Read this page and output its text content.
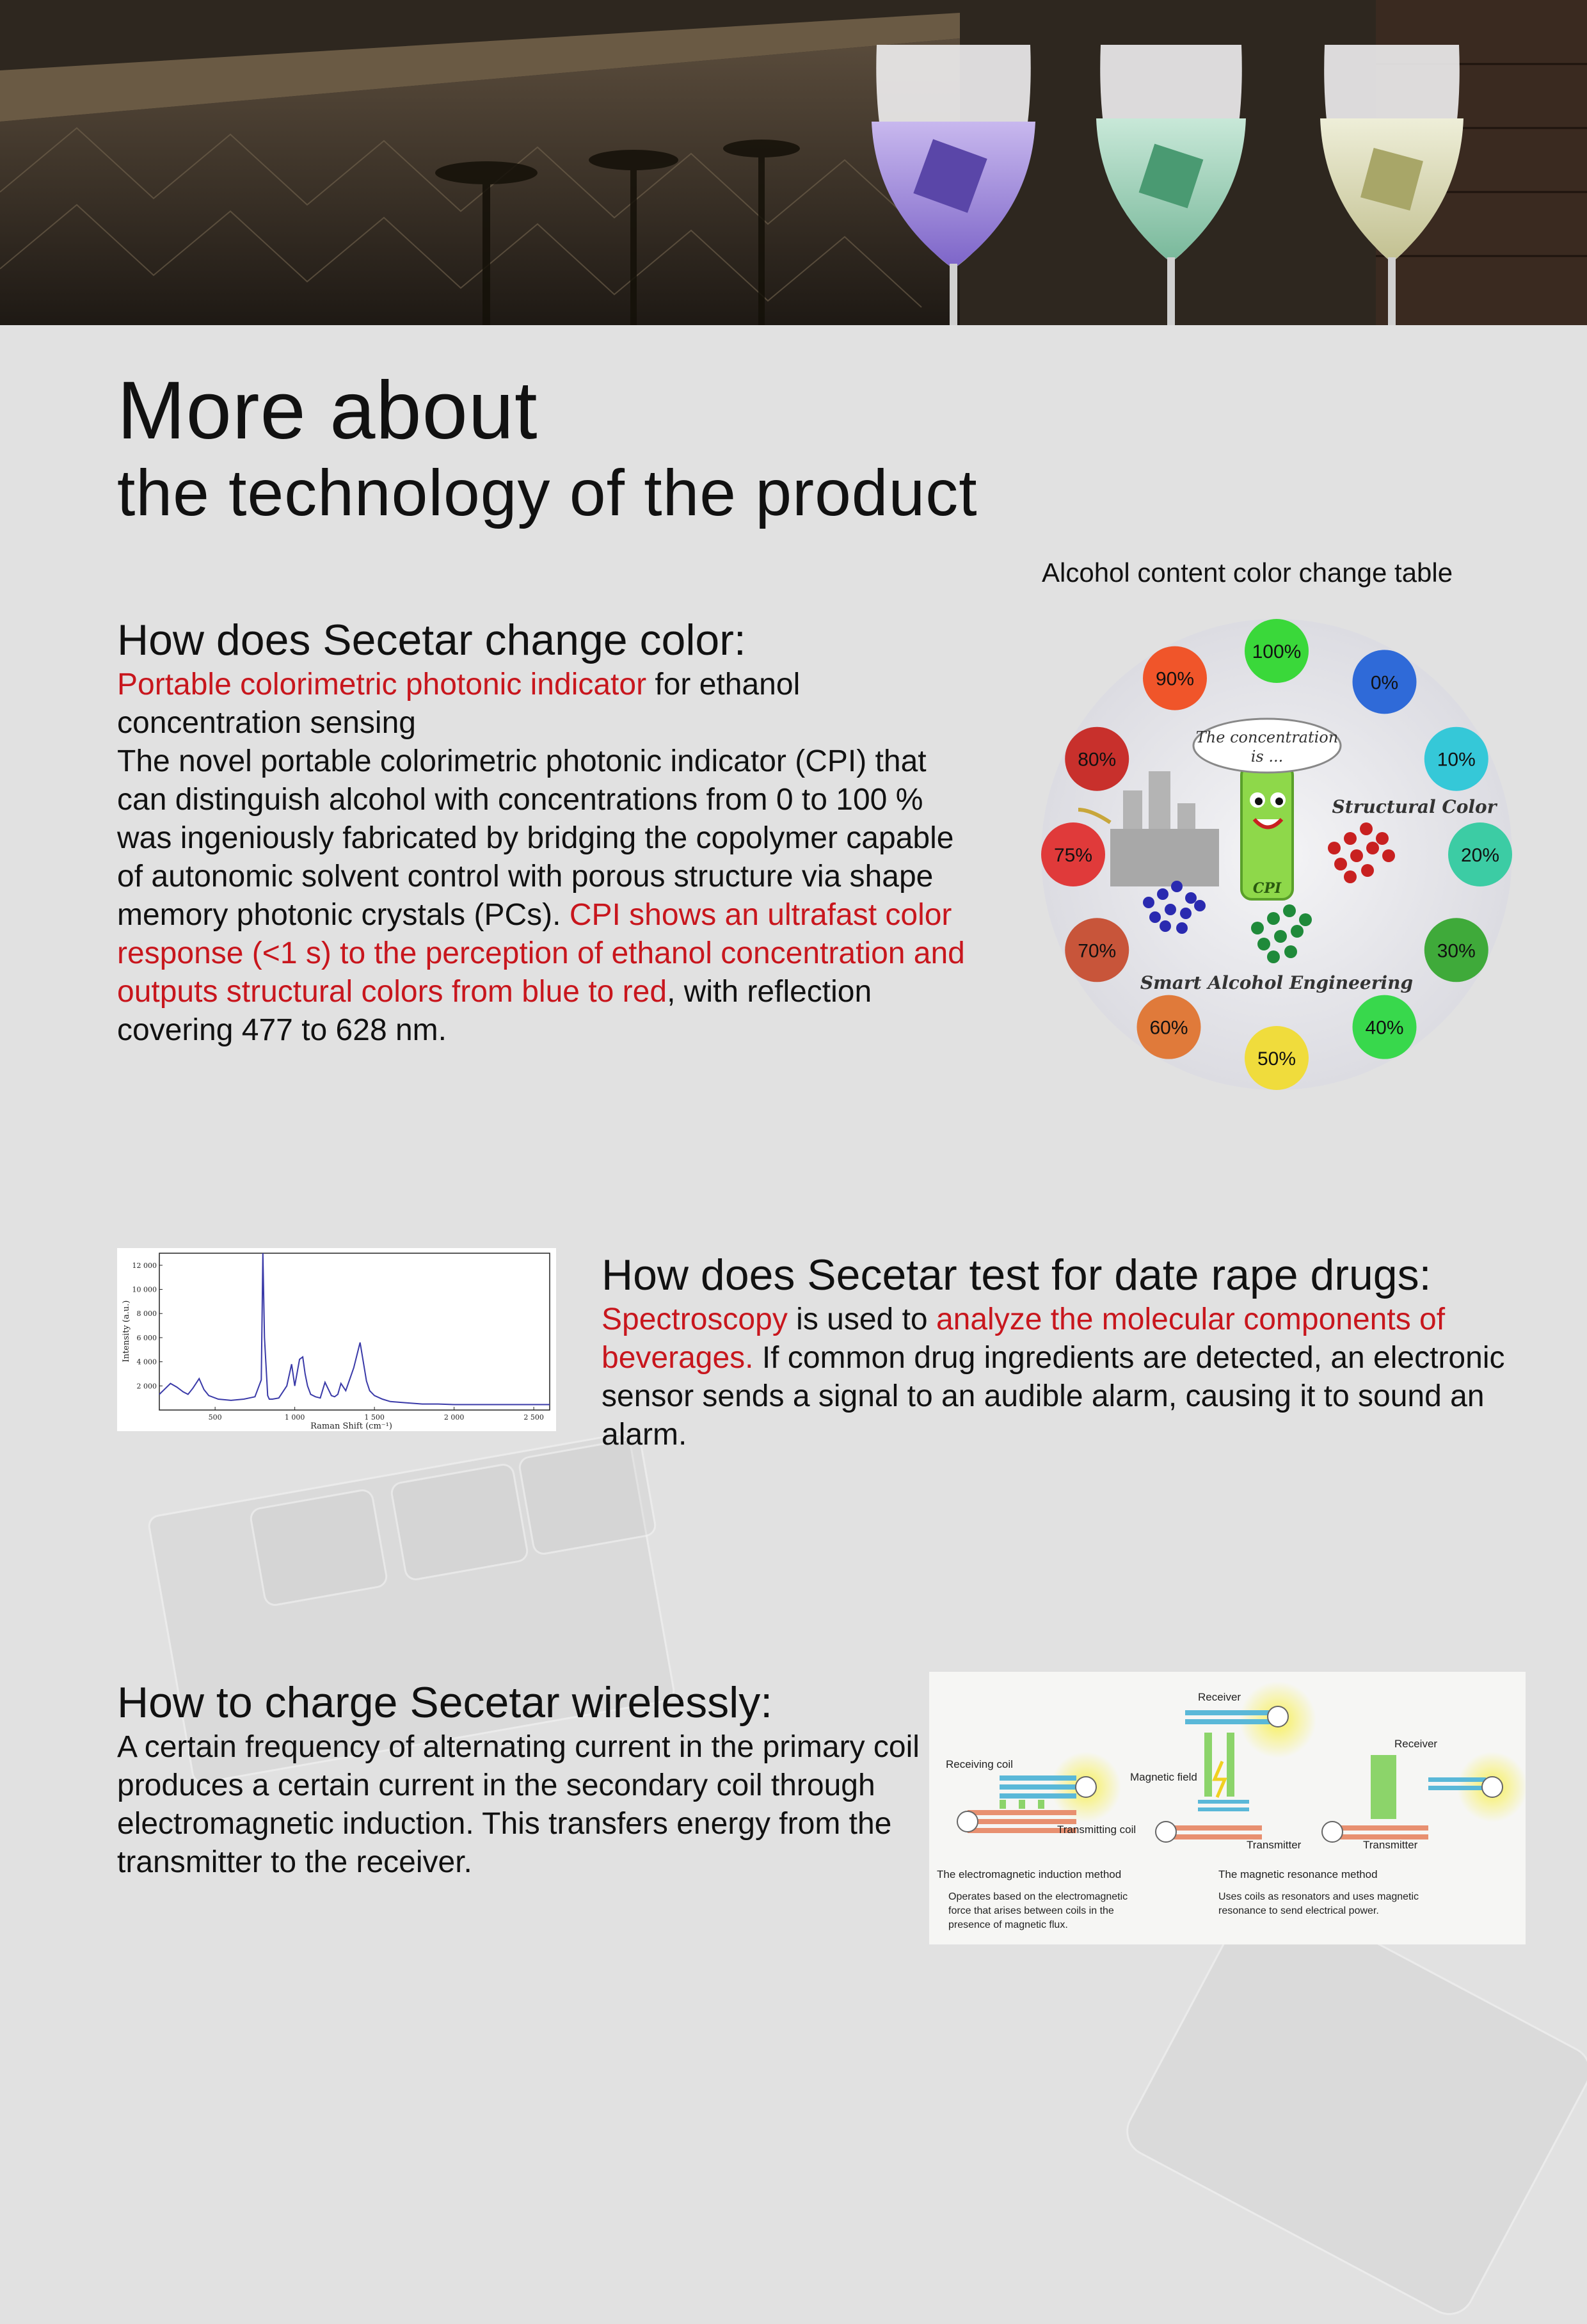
More about
the technology of the product
How does Secetar change color:
Portable colorimetric photonic indicator for ethanol concentration sensing
The novel portable colorimetric photonic indicator (CPI) that can distinguish alcohol with concentrations from 0 to 100 % was ingeniously fabricated by bridging the copolymer capable of autonomic solvent control with porous structure via shape memory photonic crystals (PCs). CPI shows an ultrafast color response (<1 s) to the perception of ethanol concentration and outputs structural colors from blue to red, with reflection covering 477 to 628 nm.
Alcohol content color change table
CPI
The concentration is ...
Structural Color
Smart Alcohol Engineering
100%
0%
10%
20%
30%
40%
50%
60%
70%
75%
80%
90%
2 000
4 000
6 000
8 000
10 000
12 000
500	1 000	1 500	2 000	2 500
Raman Shift (cm⁻¹)
Intensity (a.u.)
How does Secetar test for date rape drugs:
Spectroscopy is used to analyze the molecular components of beverages. If common drug ingredients are detected, an electronic sensor sends a signal to an audible alarm, causing it to sound an alarm.
How to charge Secetar wirelessly:
A certain frequency of alternating current in the primary coil produces a certain current in the secondary coil through electromagnetic induction. This transfers energy from the transmitter to the receiver.
Receiver
Receiver
Receiving coil
Magnetic field
Transmitting coil
Transmitter	Transmitter
The electromagnetic induction method	The magnetic resonance method
Operates based on the electromagnetic force that arises between coils in the presence of magnetic flux.
Uses coils as resonators and uses magnetic resonance to send electrical power.
